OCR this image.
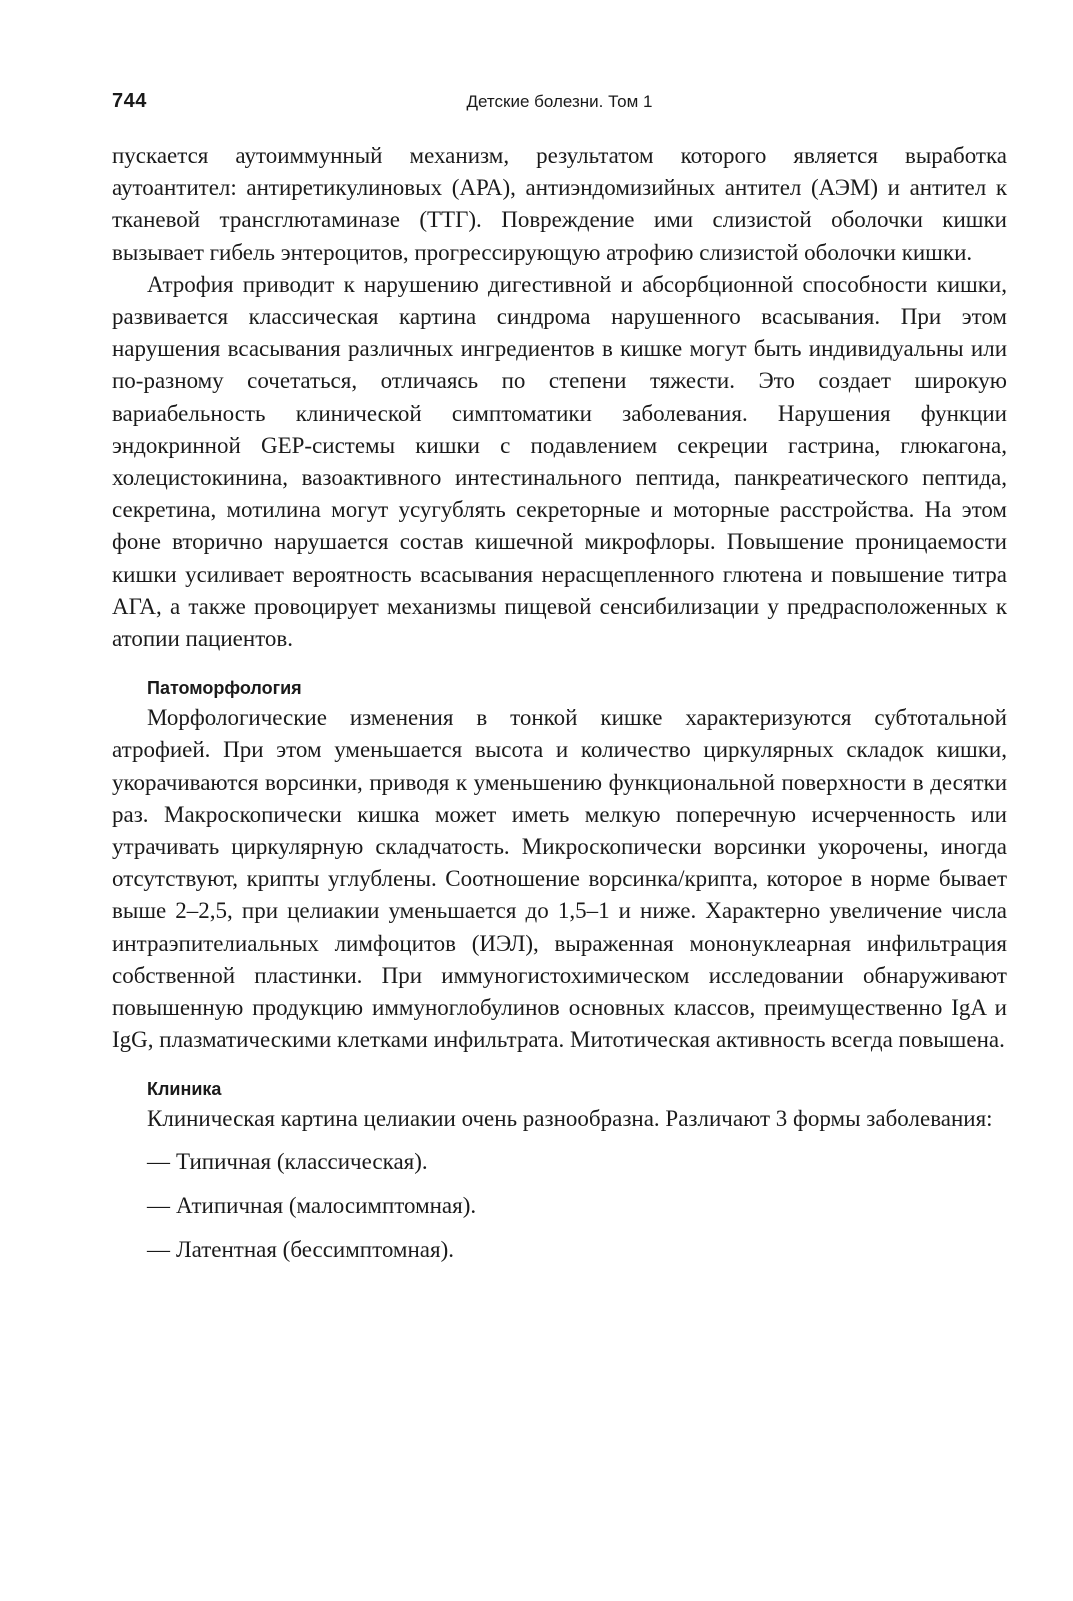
744	Детские болезни. Том 1

пускается аутоиммунный механизм, результатом которого является выработка аутоантител: антиретикулиновых (АРА), антиэндомизийных антител (АЭМ) и антител к тканевой трансглютаминазе (ТТГ). Повреждение ими слизистой оболочки кишки вызывает гибель энтероцитов, прогрессирующую атрофию слизистой оболочки кишки.

Атрофия приводит к нарушению дигестивной и абсорбционной способности кишки, развивается классическая картина синдрома нарушенного всасывания. При этом нарушения всасывания различных ингредиентов в кишке могут быть индивидуальны или по-разному сочетаться, отличаясь по степени тяжести. Это создает широкую вариабельность клинической симптоматики заболевания. Нарушения функции эндокринной GEP-системы кишки с подавлением секреции гастрина, глюкагона, холецистокинина, вазоактивного интестинального пептида, панкреатического пептида, секретина, мотилина могут усугублять секреторные и моторные расстройства. На этом фоне вторично нарушается состав кишечной микрофлоры. Повышение проницаемости кишки усиливает вероятность всасывания нерасщепленного глютена и повышение титра АГА, а также провоцирует механизмы пищевой сенсибилизации у предрасположенных к атопии пациентов.

Патоморфология

Морфологические изменения в тонкой кишке характеризуются субтотальной атрофией. При этом уменьшается высота и количество циркулярных складок кишки, укорачиваются ворсинки, приводя к уменьшению функциональной поверхности в десятки раз. Макроскопически кишка может иметь мелкую поперечную исчерченность или утрачивать циркулярную складчатость. Микроскопически ворсинки укорочены, иногда отсутствуют, крипты углублены. Соотношение ворсинка/крипта, которое в норме бывает выше 2–2,5, при целиакии уменьшается до 1,5–1 и ниже. Характерно увеличение числа интраэпителиальных лимфоцитов (ИЭЛ), выраженная мононуклеарная инфильтрация собственной пластинки. При иммуногистохимическом исследовании обнаруживают повышенную продукцию иммуноглобулинов основных классов, преимущественно IgA и IgG, плазматическими клетками инфильтрата. Митотическая активность всегда повышена.

Клиника

Клиническая картина целиакии очень разнообразна. Различают 3 формы заболевания:

— Типичная (классическая).
— Атипичная (малосимптомная).
— Латентная (бессимптомная).
